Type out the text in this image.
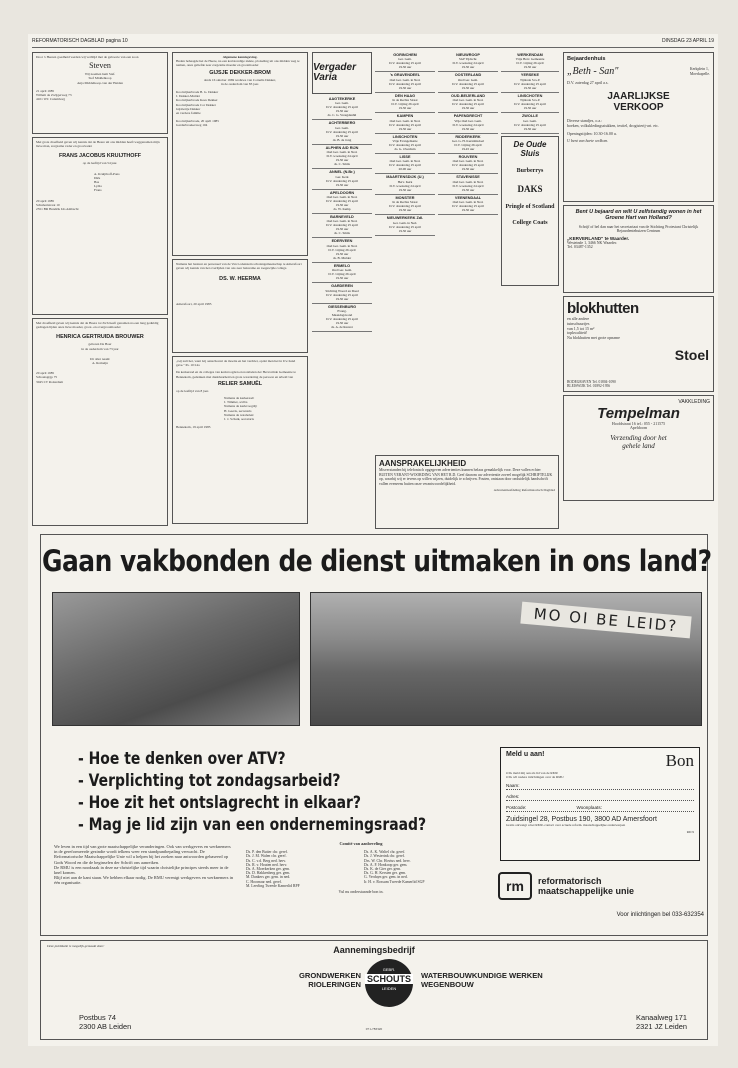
REFORMATORISCH DAGBLAD pagina 10	DINSDAG 23 APRIL 19
Door 's Heeren goedheid werden wij verblijd met de geboorte van een zoon
Steven
Wij noemen hem Stef.
Stef Middelkoop
Anja Middelkoop-van der Heiden
21 april 1985
Willem de Zwijgerweg 73
4101 WC Culemborg
Met grote droefheid geven wij kennis dat de Heere uit ons midden heeft weggenomen mijn lieve man, zorgzame vader en grootvader
FRANS JACOBUS KRUIJTHOFF
op de leeftijd van 54 jaar.
A. Kruijthoff-Pons
Dirk
Bas
Lydia
Frans
20 april 1985
Schubertstraat 10
2551 BR Hendrik Ido Ambacht
Met droefheid geven wij kennis dat de Heere tot Zich heeft genomen na een lang geduldig gedragen lijden onze lieve moeder, groot- en overgrootmoeder
HENRICA GERTRUIDA BROUWER
geboren De Boer
in de ouderdom van 73 jaar
Uit aller naam:
A. Romeijn
20 april 1985
Schoutsgrgp 75
3045 CT Rotterdam
Algemene kennisgeving.
Heden behaagde het de Heere, na een kortstondige ziekte, plotseling uit ons midden weg te nemen, onze geliefde zeer zorgzame moeder en grootmoeder
GIJSJE DEKKER-BROM
sinds 16 oktober 1969 weduwe van Cornelis Dekker,
in de ouderdom van 83 jaar.
Kootwijkerbroek B. G. Dekker
J. Dekker-Mulder
Kootwijkerbroek Kees Dekker
Kootwijkerbroek Cor Dekker
Gijsbertje Dekker
en verdere familie
Kootwijkerbroek, 20 april 1985
Garderbroekerweg 104
Namens het bestuur en personeel van de Van Lodenstein scholengemeenschap te Amersfoort geven wij kennis van het overlijden van ons zeer bekwame en toegewijde collega
DS. W. HEERMA
Amersfoort, 20 april 1985
„Gij zult het, want Gij aanschouwt de moeite en het verdriet, opdat men het in Uw hand geve." Ps. 10:14a
De kerkeraad en de colleges van kerkvoogden en notabelen der Hervormde Gemeente te Bennekom, gedenken met dankbaarheid en grote waardering de persoon en arbeid van
RELIER SAMUËL
op de leeftijd van 8 jaar.
Namens de kerkeraad:
J. Timmer, scriba
Namens de kerkvoogdij:
H. Geerts, secretaris
Namens de notabelen:
J. v. Schaik, secretaris
Bennekom, 19 april 1985
Vergader Varia
AAGTEKERKE
Ger. Gem.
D.V. donderdag 25 april
19.30 uur
ds. C. G. Vreugdenhil
ACHTERBERG
Ger. Gem.
D.V. donderdag 25 april
19.30 uur
ds. B. de Jong
ALPHEN A/D RIJN
Oud Ger. Gem. in Ned.
D.V. woensdag 24 april
19.30 uur
ds. C. Smits
ANNEL (N.Br.)
Ger. Kerk
D.V. donderdag 25 april
19.30 uur
APELDOORN
Oud Ger. Gem. in Ned.
D.V. donderdag 25 april
19.30 uur
ds. W. Kemp
BARNEVELD
Oud Ger. Gem. in Ned.
D.V. donderdag 25 april
19.30 uur
ds. C. Smits
EDERVEEN
Oud Ger. Gem. in Ned.
D.V. vrijdag 26 april
19.30 uur
ds. B. Mulder
ERMELO
Oud Ger. Gem.
D.V. vrijdag 26 april
19.30 uur
GARDEREN
Stichting Woord en Daad
D.V. donderdag 25 april
19.30 uur
GIESSENBURG
Evang.
Maandagavond
D.V. donderdag 25 april
19.30 uur
ds. A. de Reuver
GORINCHEM
Ger. Gem.
D.V. donderdag 25 april
19.30 uur
's GRAVENDEEL
Oud Ger. Gem. in Ned.
D.V. donderdag 25 april
19.30 uur
DEN HAAG
In de Rechte Straat
D.V. vrijdag 26 april
19.30 uur
KAMPEN
Oud Ger. Gem. in Ned.
D.V. donderdag 25 april
19.30 uur
LINSCHOTEN
Vrije Evangelisatie
D.V. donderdag 25 april
ds. G. Overduin
LISSE
Oud Ger. Gem. in Ned.
D.V. donderdag 25 april
20.00 uur
MAARTENSDIJK (U.)
Herv. Kerk
D.V. woensdag 24 april
19.30 uur
MONSTER
In de Rechte Straat
D.V. donderdag 25 april
19.30 uur
NIEUWERKERK Zdl.
Ger. Gem. in Ned.
D.V. donderdag 25 april
19.30 uur
NIEUWROOP
SGP Tijdschr.
D.V. woensdag 24 april
19.30 uur
OOSTERLAND
Oud Ger. Gem.
D.V. donderdag 25 april
19.30 uur
OUD-BEIJERLAND
Oud Ger. Gem. in Ned.
D.V. donderdag 25 april
19.30 uur
PAPENDRECHT
Vrije Oud Ger. Gem.
D.V. woensdag 24 april
19.30 uur
RIDDERKERK
Ger. G. H. Kerstmisdoel
D.V. vrijdag 26 april
19.45 uur
ROUVEEN
Oud Ger. Gem. in Ned.
D.V. donderdag 25 april
19.30 uur
STAVENISSE
Oud Ger. Gem. in Ned.
D.V. woensdag 24 april
19.30 uur
VEENENDAAL
Oud Ger. Gem. in Ned.
D.V. donderdag 25 april
19.30 uur
WERKENDAM
Vrije Herv. Gemeente
D.V. vrijdag 26 april
19.30 uur
YERSEKE
Tijdrede S.G.P.
D.V. donderdag 25 april
19.30 uur
LINSCHOTEN
Tijdrede S.G.P.
D.V. donderdag 25 april
19.30 uur
ZWOLLE
Ger. Gem.
D.V. donderdag 25 april
19.30 uur
De Oude Sluis
Burberrys
DAKS
Pringle of Scotland
College Coats
AANSPRAKELIJKHEID
Misverstanden bij telefonisch opgegeven advertenties kunnen helaas gemakkelijk voor. Deze vallen echter BUITEN VERANT-WOORDING VAN HET R.D. Geef daarom uw advertentie zoveel mogelijk SCHRIFTELIJK op, waarbij wij er tevens op willen wijzen, duidelijk te schrijven. Fouten, ontstaan door onduidelijk handschrift vallen eveneens buiten onze verantwoordelijkheid.
Advertentieafdeling Reformatorisch Dagblad
Bejaardenhuis
„Beth - San"	Kerkplein 1,
Moerkapelle.
D.V. zaterdag 27 april a.s.
JAARLIJKSE
VERKOOP
Diverse standjes, o.a.:
boeken, volkskledingsstukken, textiel, drogisterij-art. etc.
Openingstijden: 10.30-16.00 u.
U bent van harte welkom.
Bent U bejaard en wilt U zelfstandig wonen in het Groene Hart van Holland?
Schrijf of bel dan naar het secretariaat van de Stichting Protestant Christelijk Bejaardentehuizen Centrum
„KERVERLAND" te Waarder.
Westeinde 1, 3466 NK Waarder.
Tel. 03487-1352
blokhutten
en alle andere
tuinschuurtjes
van 1,5 tot 15 m²
topkwaliteit!
Nu blokhutten met grote opname
Stoel
BODEGRAVEN Tel. 01804-1090
BLEISWIJK Tel. 01892-1956
VAKKLEDING
Tempelman
Hoofdstraat 16 tel.: 055 - 211575
Apeldoorn
Verzending door het
gehele land
Gaan vakbonden de dienst uitmaken in ons land?
MO OI BE LEID?
- Hoe te denken over ATV?
- Verplichting tot zondagsarbeid?
- Hoe zit het ontslagrecht in elkaar?
- Mag je lid zijn van een ondernemingsraad?
We leven in een tijd van grote maatschappelijke veranderingen. Ook van werkgevers en werknemers in de gereformeerde gezindte wordt telkens weer een standpuntbepaling verwacht. De Reformatorische Maatschappelijke Unie wil u helpen bij het zoeken naar antwoorden gebaseerd op Gods Woord en die de beginselen der Schrift ons aanreiken.
De RMU is een noodzaak in deze na-christelijke tijd waarin christelijke principes steeds meer in de knel komen.
Blijf niet aan de kant staan. We hebben elkaar nodig. De RMU verenigt werkgevers en werknemers in één organisatie.
Comité van aanbeveling
Ds. P. den Butter chr. geref.	Ds. A. K. Waltel chr. geref.
Ds. J. M. Walen chr. geref.	Ds. J. Westerink chr. geref.
Ds. C. v.d. Berg ned. herv.	Drs. W. Chr. Hovius ned. herv.
Ds. R. v. Houten ned. herv.	Ds. A. F. Honkoop ger. gem.
Ds. A. Moerkerken ger. gem.	Ds. K. de Gier ger. gem.
Ds. D. Hakkenberg ger. gem.	Ds. G. H. Kersten ger. gem.
M. Dankers ger. gem. in ned.	G. Verduyn ger. gem. in ned.
C. Hoornaar ned. geref.	Ir. H. v. Rossum Tweede Kamerlid SGP
M. Leerling Tweede Kamerlid RPF
Vul nu onderstaande bon in.
Meld u aan!	Bon
O Ik meld mij aan als lid van de RMU
O Ik wil nadere inlichtingen over de RMU
Naam:
Adres:
Postcode:	Woonplaats:
Zuidsingel 28, Postbus 190, 3800 AD Amersfoort
Gratis ontvangt u het RMU-contact over actuele reform. maatschappelijke onderwerpen
RD 9
rm	reformatorisch
maatschappelijke unie
Voor inlichtingen bel 033-632354
Deze publikatie is mogelijk gemaakt door:	Aannemingsbedrijf
GRONDWERKEN
RIOLERINGEN
GEBR.
SCHOUTS
LEIDEN
WATERBOUWKUNDIGE WERKEN
WEGENBOUW
071-783320
Postbus 74
2300 AB Leiden
Kanaalweg 171
2321 JZ Leiden
